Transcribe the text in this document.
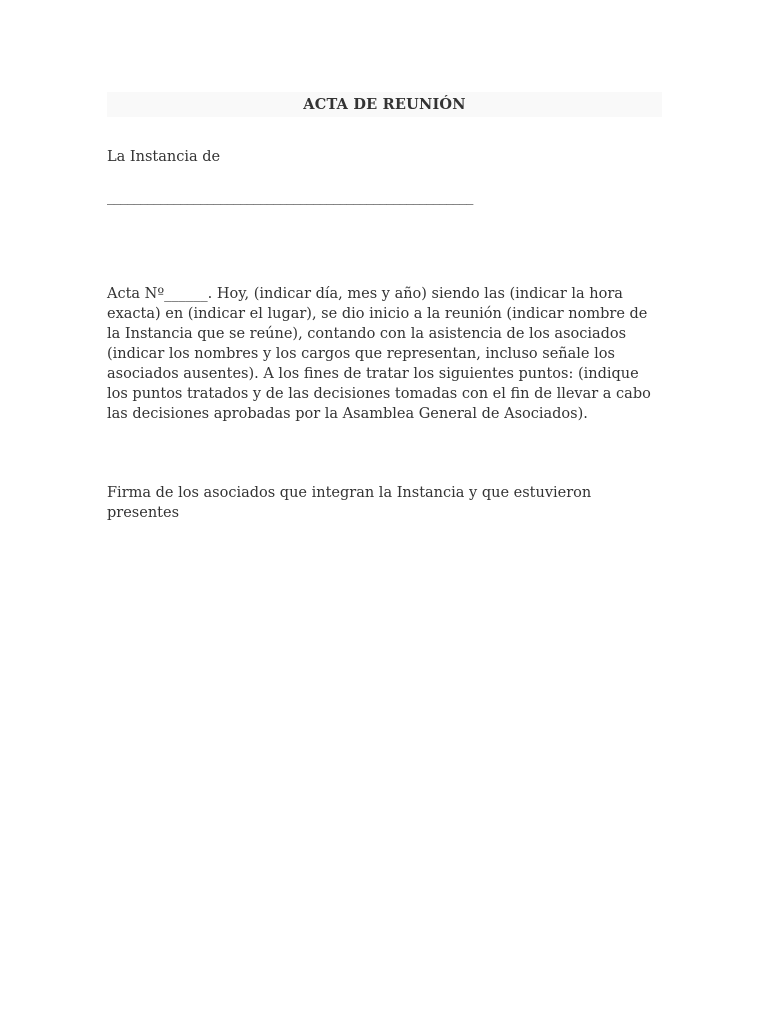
ACTA DE REUNIÓN
La Instancia de
_______________________________________________________
Acta Nº______. Hoy, (indicar día, mes y año) siendo las (indicar la hora exacta) en (indicar el lugar), se dio inicio a la reunión (indicar nombre de la Instancia que se reúne), contando con la asistencia de los asociados (indicar los nombres y los cargos que representan, incluso señale los asociados ausentes). A los fines de tratar los siguientes puntos: (indique los puntos tratados y de las decisiones tomadas con el fin de llevar a cabo las decisiones aprobadas por la Asamblea General de Asociados).
Firma de los asociados que integran la Instancia y que estuvieron presentes
